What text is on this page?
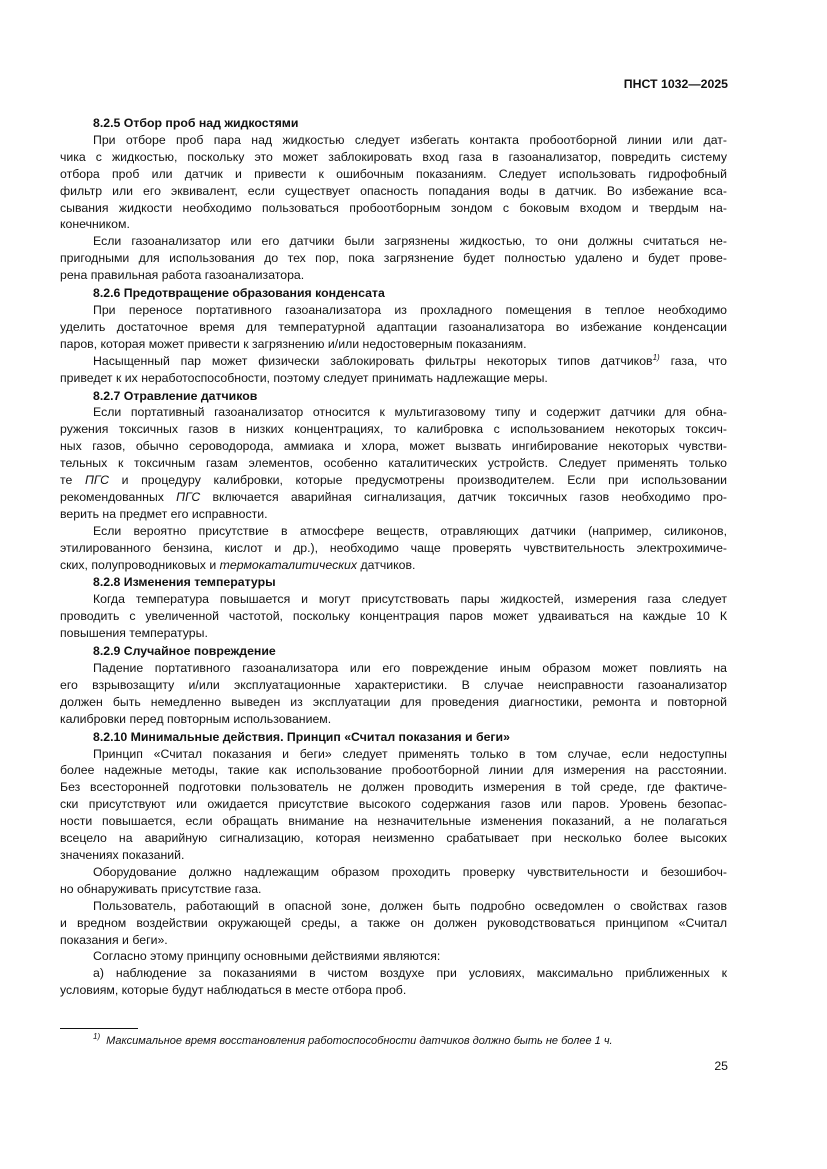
ПНСТ 1032—2025
8.2.5 Отбор проб над жидкостями
При отборе проб пара над жидкостью следует избегать контакта пробоотборной линии или дат-
чика с жидкостью, поскольку это может заблокировать вход газа в газоанализатор, повредить систему
отбора проб или датчик и привести к ошибочным показаниям. Следует использовать гидрофобный
фильтр или его эквивалент, если существует опасность попадания воды в датчик. Во избежание вса-
сывания жидкости необходимо пользоваться пробоотборным зондом с боковым входом и твердым на-
конечником.
Если газоанализатор или его датчики были загрязнены жидкостью, то они должны считаться не-
пригодными для использования до тех пор, пока загрязнение будет полностью удалено и будет прове-
рена правильная работа газоанализатора.
8.2.6 Предотвращение образования конденсата
При переносе портативного газоанализатора из прохладного помещения в теплое необходимо
уделить достаточное время для температурной адаптации газоанализатора во избежание конденсации
паров, которая может привести к загрязнению и/или недостоверным показаниям.
Насыщенный пар может физически заблокировать фильтры некоторых типов датчиков$^{1)}$ газа, что
приведет к их неработоспособности, поэтому следует принимать надлежащие меры.
8.2.7 Отравление датчиков
Если портативный газоанализатор относится к мультигазовому типу и содержит датчики для обна-
ружения токсичных газов в низких концентрациях, то калибровка с использованием некоторых токсич-
ных газов, обычно сероводорода, аммиака и хлора, может вызвать ингибирование некоторых чувстви-
тельных к токсичным газам элементов, особенно каталитических устройств. Следует применять только
те ПГС и процедуру калибровки, которые предусмотрены производителем. Если при использовании
рекомендованных ПГС включается аварийная сигнализация, датчик токсичных газов необходимо про-
верить на предмет его исправности.
Если вероятно присутствие в атмосфере веществ, отравляющих датчики (например, силиконов,
этилированного бензина, кислот и др.), необходимо чаще проверять чувствительность электрохимиче-
ских, полупроводниковых и термокаталитических датчиков.
8.2.8 Изменения температуры
Когда температура повышается и могут присутствовать пары жидкостей, измерения газа следует
проводить с увеличенной частотой, поскольку концентрация паров может удваиваться на каждые 10 К
повышения температуры.
8.2.9 Случайное повреждение
Падение портативного газоанализатора или его повреждение иным образом может повлиять на
его взрывозащиту и/или эксплуатационные характеристики. В случае неисправности газоанализатор
должен быть немедленно выведен из эксплуатации для проведения диагностики, ремонта и повторной
калибровки перед повторным использованием.
8.2.10 Минимальные действия. Принцип «Считал показания и беги»
Принцип «Считал показания и беги» следует применять только в том случае, если недоступны
более надежные методы, такие как использование пробоотборной линии для измерения на расстоянии.
Без всесторонней подготовки пользователь не должен проводить измерения в той среде, где фактиче-
ски присутствуют или ожидается присутствие высокого содержания газов или паров. Уровень безопас-
ности повышается, если обращать внимание на незначительные изменения показаний, а не полагаться
всецело на аварийную сигнализацию, которая неизменно срабатывает при несколько более высоких
значениях показаний.
Оборудование должно надлежащим образом проходить проверку чувствительности и безошибоч-
но обнаруживать присутствие газа.
Пользователь, работающий в опасной зоне, должен быть подробно осведомлен о свойствах газов
и вредном воздействии окружающей среды, а также он должен руководствоваться принципом «Считал
показания и беги».
Согласно этому принципу основными действиями являются:
а) наблюдение за показаниями в чистом воздухе при условиях, максимально приближенных к
условиям, которые будут наблюдаться в месте отбора проб.
$^{1)}$ Максимальное время восстановления работоспособности датчиков должно быть не более 1 ч.
25
